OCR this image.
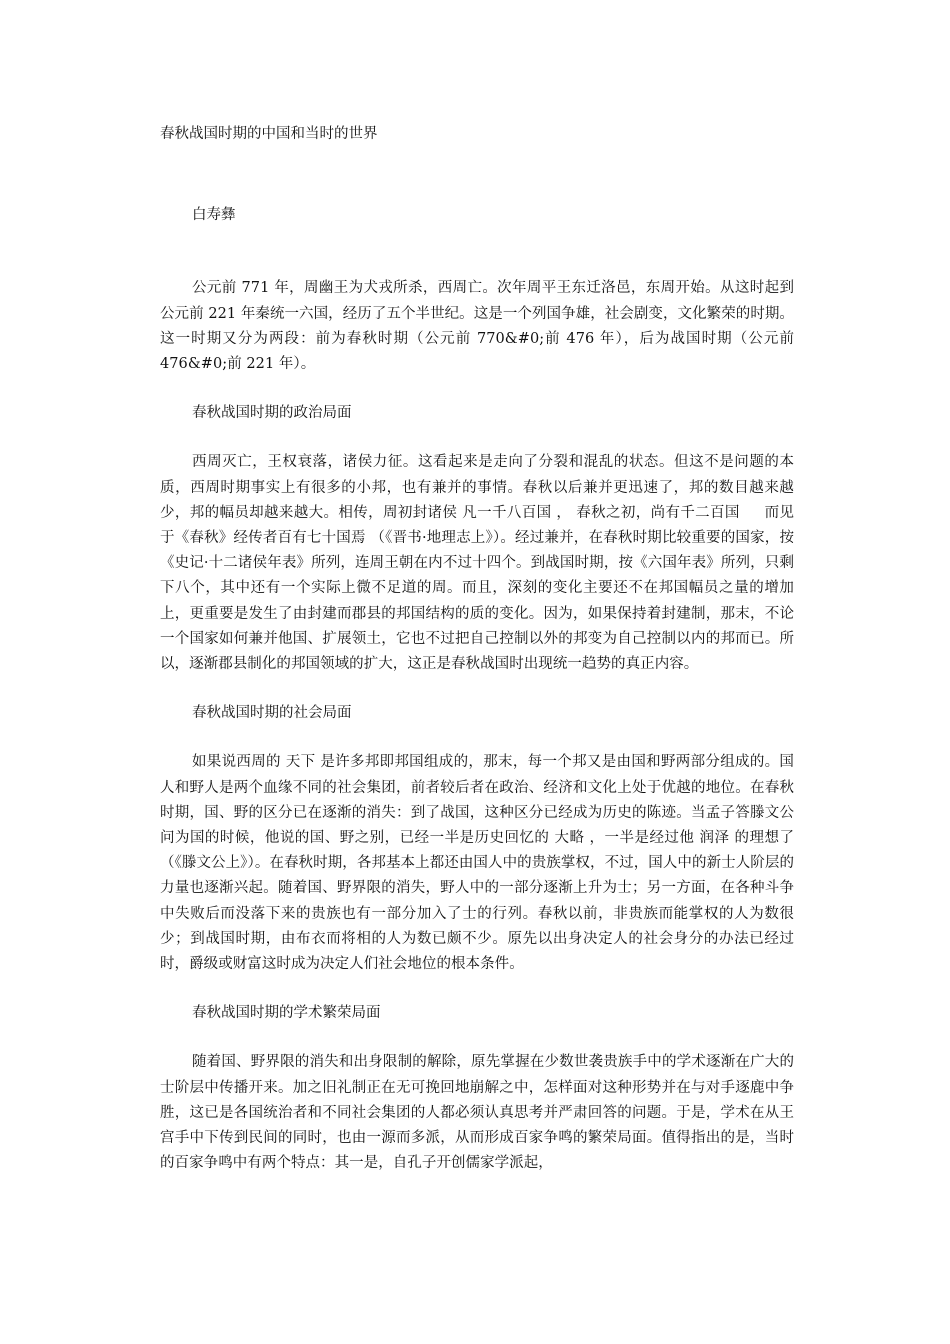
春秋战国时期的中国和当时的世界

白寿彝

公元前 771 年，周幽王为犬戎所杀，西周亡。次年周平王东迁洛邑，东周开始。从这时起到公元前 221 年秦统一六国，经历了五个半世纪。这是一个列国争雄，社会剧变，文化繁荣的时期。这一时期又分为两段：前为春秋时期（公元前 770&#0;前 476 年），后为战国时期（公元前 476&#0;前 221 年）。

春秋战国时期的政治局面

西周灭亡，王权衰落，诸侯力征。这看起来是走向了分裂和混乱的状态。但这不是问题的本质，西周时期事实上有很多的小邦，也有兼并的事情。春秋以后兼并更迅速了，邦的数目越来越少，邦的幅员却越来越大。相传，周初封诸侯 凡一千八百国 ， 春秋之初，尚有千二百国 　 而见于《春秋》经传者百有七十国焉 （《晋书·地理志上》）。经过兼并，在春秋时期比较重要的国家，按《史记·十二诸侯年表》所列，连周王朝在内不过十四个。到战国时期，按《六国年表》所列，只剩下八个，其中还有一个实际上微不足道的周。而且，深刻的变化主要还不在邦国幅员之量的增加上，更重要是发生了由封建而郡县的邦国结构的质的变化。因为，如果保持着封建制，那末，不论一个国家如何兼并他国、扩展领土，它也不过把自己控制以外的邦变为自己控制以内的邦而已。所以，逐渐郡县制化的邦国领域的扩大，这正是春秋战国时出现统一趋势的真正内容。

春秋战国时期的社会局面

如果说西周的 天下 是许多邦即邦国组成的，那末，每一个邦又是由国和野两部分组成的。国人和野人是两个血缘不同的社会集团，前者较后者在政治、经济和文化上处于优越的地位。在春秋时期，国、野的区分已在逐渐的消失：到了战国，这种区分已经成为历史的陈迹。当孟子答滕文公问为国的时候，他说的国、野之别，已经一半是历史回忆的 大略 ，一半是经过他 润泽 的理想了（《滕文公上》）。在春秋时期，各邦基本上都还由国人中的贵族掌权，不过，国人中的新士人阶层的力量也逐渐兴起。随着国、野界限的消失，野人中的一部分逐渐上升为士；另一方面，在各种斗争中失败后而没落下来的贵族也有一部分加入了士的行列。春秋以前，非贵族而能掌权的人为数很少；到战国时期，由布衣而将相的人为数已颇不少。原先以出身决定人的社会身分的办法已经过时，爵级或财富这时成为决定人们社会地位的根本条件。

春秋战国时期的学术繁荣局面

随着国、野界限的消失和出身限制的解除，原先掌握在少数世袭贵族手中的学术逐渐在广大的士阶层中传播开来。加之旧礼制正在无可挽回地崩解之中，怎样面对这种形势并在与对手逐鹿中争胜，这已是各国统治者和不同社会集团的人都必须认真思考并严肃回答的问题。于是，学术在从王宫手中下传到民间的同时，也由一源而多派，从而形成百家争鸣的繁荣局面。值得指出的是，当时的百家争鸣中有两个特点：其一是，自孔子开创儒家学派起，
